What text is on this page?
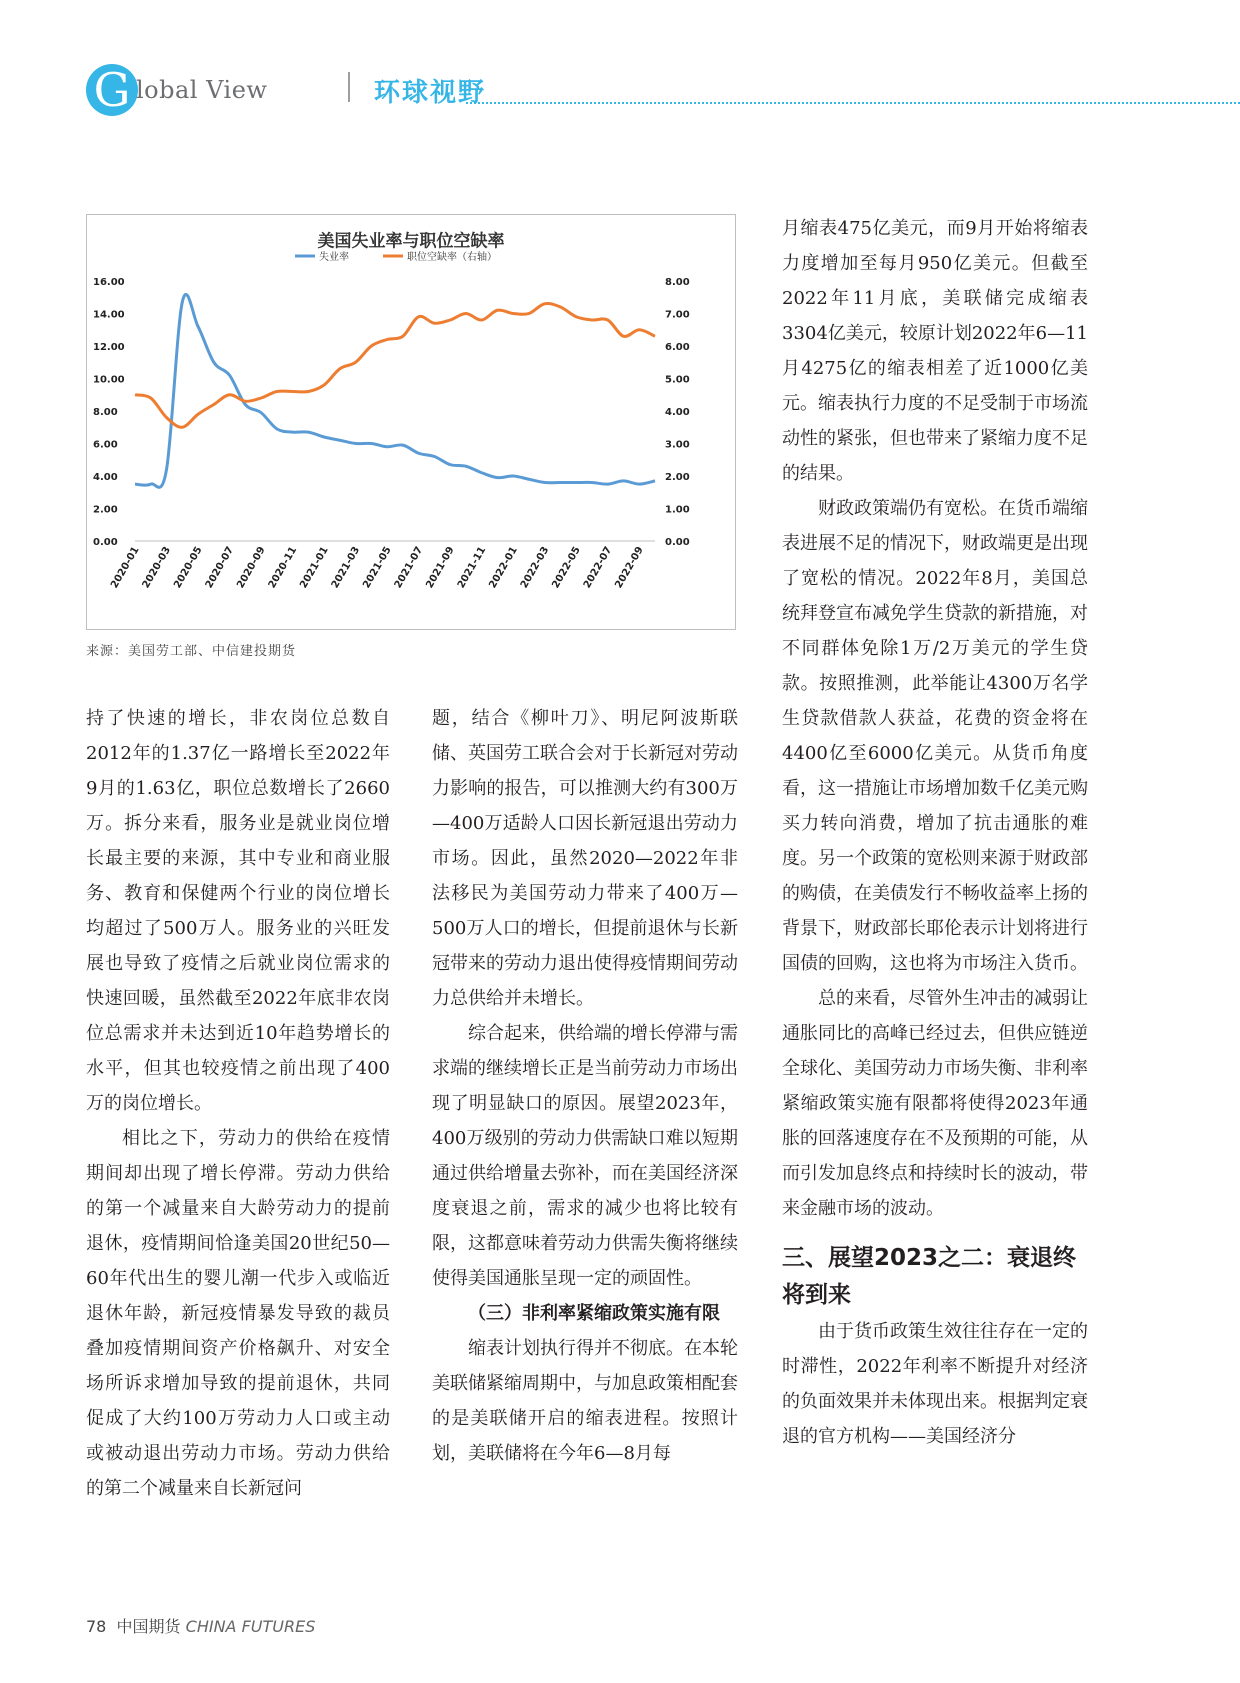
G lobal View	环球视野
美国失业率与职位空缺率
失业率	职位空缺率（右轴）
0.00
2.00
4.00
6.00
8.00
10.00
12.00
14.00
16.00
0.00
1.00
2.00
3.00
4.00
5.00
6.00
7.00
8.00
2020-01 2020-03 2020-05 2020-07 2020-09 2020-11 2021-01 2021-03 2021-05 2021-07 2021-09 2021-11 2022-01 2022-03 2022-05 2022-07 2022-09
来源：美国劳工部、中信建投期货

持了快速的增长，非农岗位总数自2012年的1.37亿一路增长至2022年9月的1.63亿，职位总数增长了2660万。拆分来看，服务业是就业岗位增长最主要的来源，其中专业和商业服务、教育和保健两个行业的岗位增长均超过了500万人。服务业的兴旺发展也导致了疫情之后就业岗位需求的快速回暖，虽然截至2022年底非农岗位总需求并未达到近10年趋势增长的水平，但其也较疫情之前出现了400万的岗位增长。

相比之下，劳动力的供给在疫情期间却出现了增长停滞。劳动力供给的第一个减量来自大龄劳动力的提前退休，疫情期间恰逢美国20世纪50—60年代出生的婴儿潮一代步入或临近退休年龄，新冠疫情暴发导致的裁员叠加疫情期间资产价格飙升、对安全场所诉求增加导致的提前退休，共同促成了大约100万劳动力人口或主动或被动退出劳动力市场。劳动力供给的第二个减量来自长新冠问

题，结合《柳叶刀》、明尼阿波斯联储、英国劳工联合会对于长新冠对劳动力影响的报告，可以推测大约有300万—400万适龄人口因长新冠退出劳动力市场。因此，虽然2020—2022年非法移民为美国劳动力带来了400万—500万人口的增长，但提前退休与长新冠带来的劳动力退出使得疫情期间劳动力总供给并未增长。

综合起来，供给端的增长停滞与需求端的继续增长正是当前劳动力市场出现了明显缺口的原因。展望2023年，400万级别的劳动力供需缺口难以短期通过供给增量去弥补，而在美国经济深度衰退之前，需求的减少也将比较有限，这都意味着劳动力供需失衡将继续使得美国通胀呈现一定的顽固性。

（三）非利率紧缩政策实施有限

缩表计划执行得并不彻底。在本轮美联储紧缩周期中，与加息政策相配套的是美联储开启的缩表进程。按照计划，美联储将在今年6—8月每

月缩表475亿美元，而9月开始将缩表力度增加至每月950亿美元。但截至2022年11月底，美联储完成缩表3304亿美元，较原计划2022年6—11月4275亿的缩表相差了近1000亿美元。缩表执行力度的不足受制于市场流动性的紧张，但也带来了紧缩力度不足的结果。

财政政策端仍有宽松。在货币端缩表进展不足的情况下，财政端更是出现了宽松的情况。2022年8月，美国总统拜登宣布减免学生贷款的新措施，对不同群体免除1万/2万美元的学生贷款。按照推测，此举能让4300万名学生贷款借款人获益，花费的资金将在4400亿至6000亿美元。从货币角度看，这一措施让市场增加数千亿美元购买力转向消费，增加了抗击通胀的难度。另一个政策的宽松则来源于财政部的购债，在美债发行不畅收益率上扬的背景下，财政部长耶伦表示计划将进行国债的回购，这也将为市场注入货币。

总的来看，尽管外生冲击的减弱让通胀同比的高峰已经过去，但供应链逆全球化、美国劳动力市场失衡、非利率紧缩政策实施有限都将使得2023年通胀的回落速度存在不及预期的可能，从而引发加息终点和持续时长的波动，带来金融市场的波动。

三、展望2023之二：衰退终将到来

由于货币政策生效往往存在一定的时滞性，2022年利率不断提升对经济的负面效果并未体现出来。根据判定衰退的官方机构——美国经济分

78 中国期货 CHINA FUTURES
